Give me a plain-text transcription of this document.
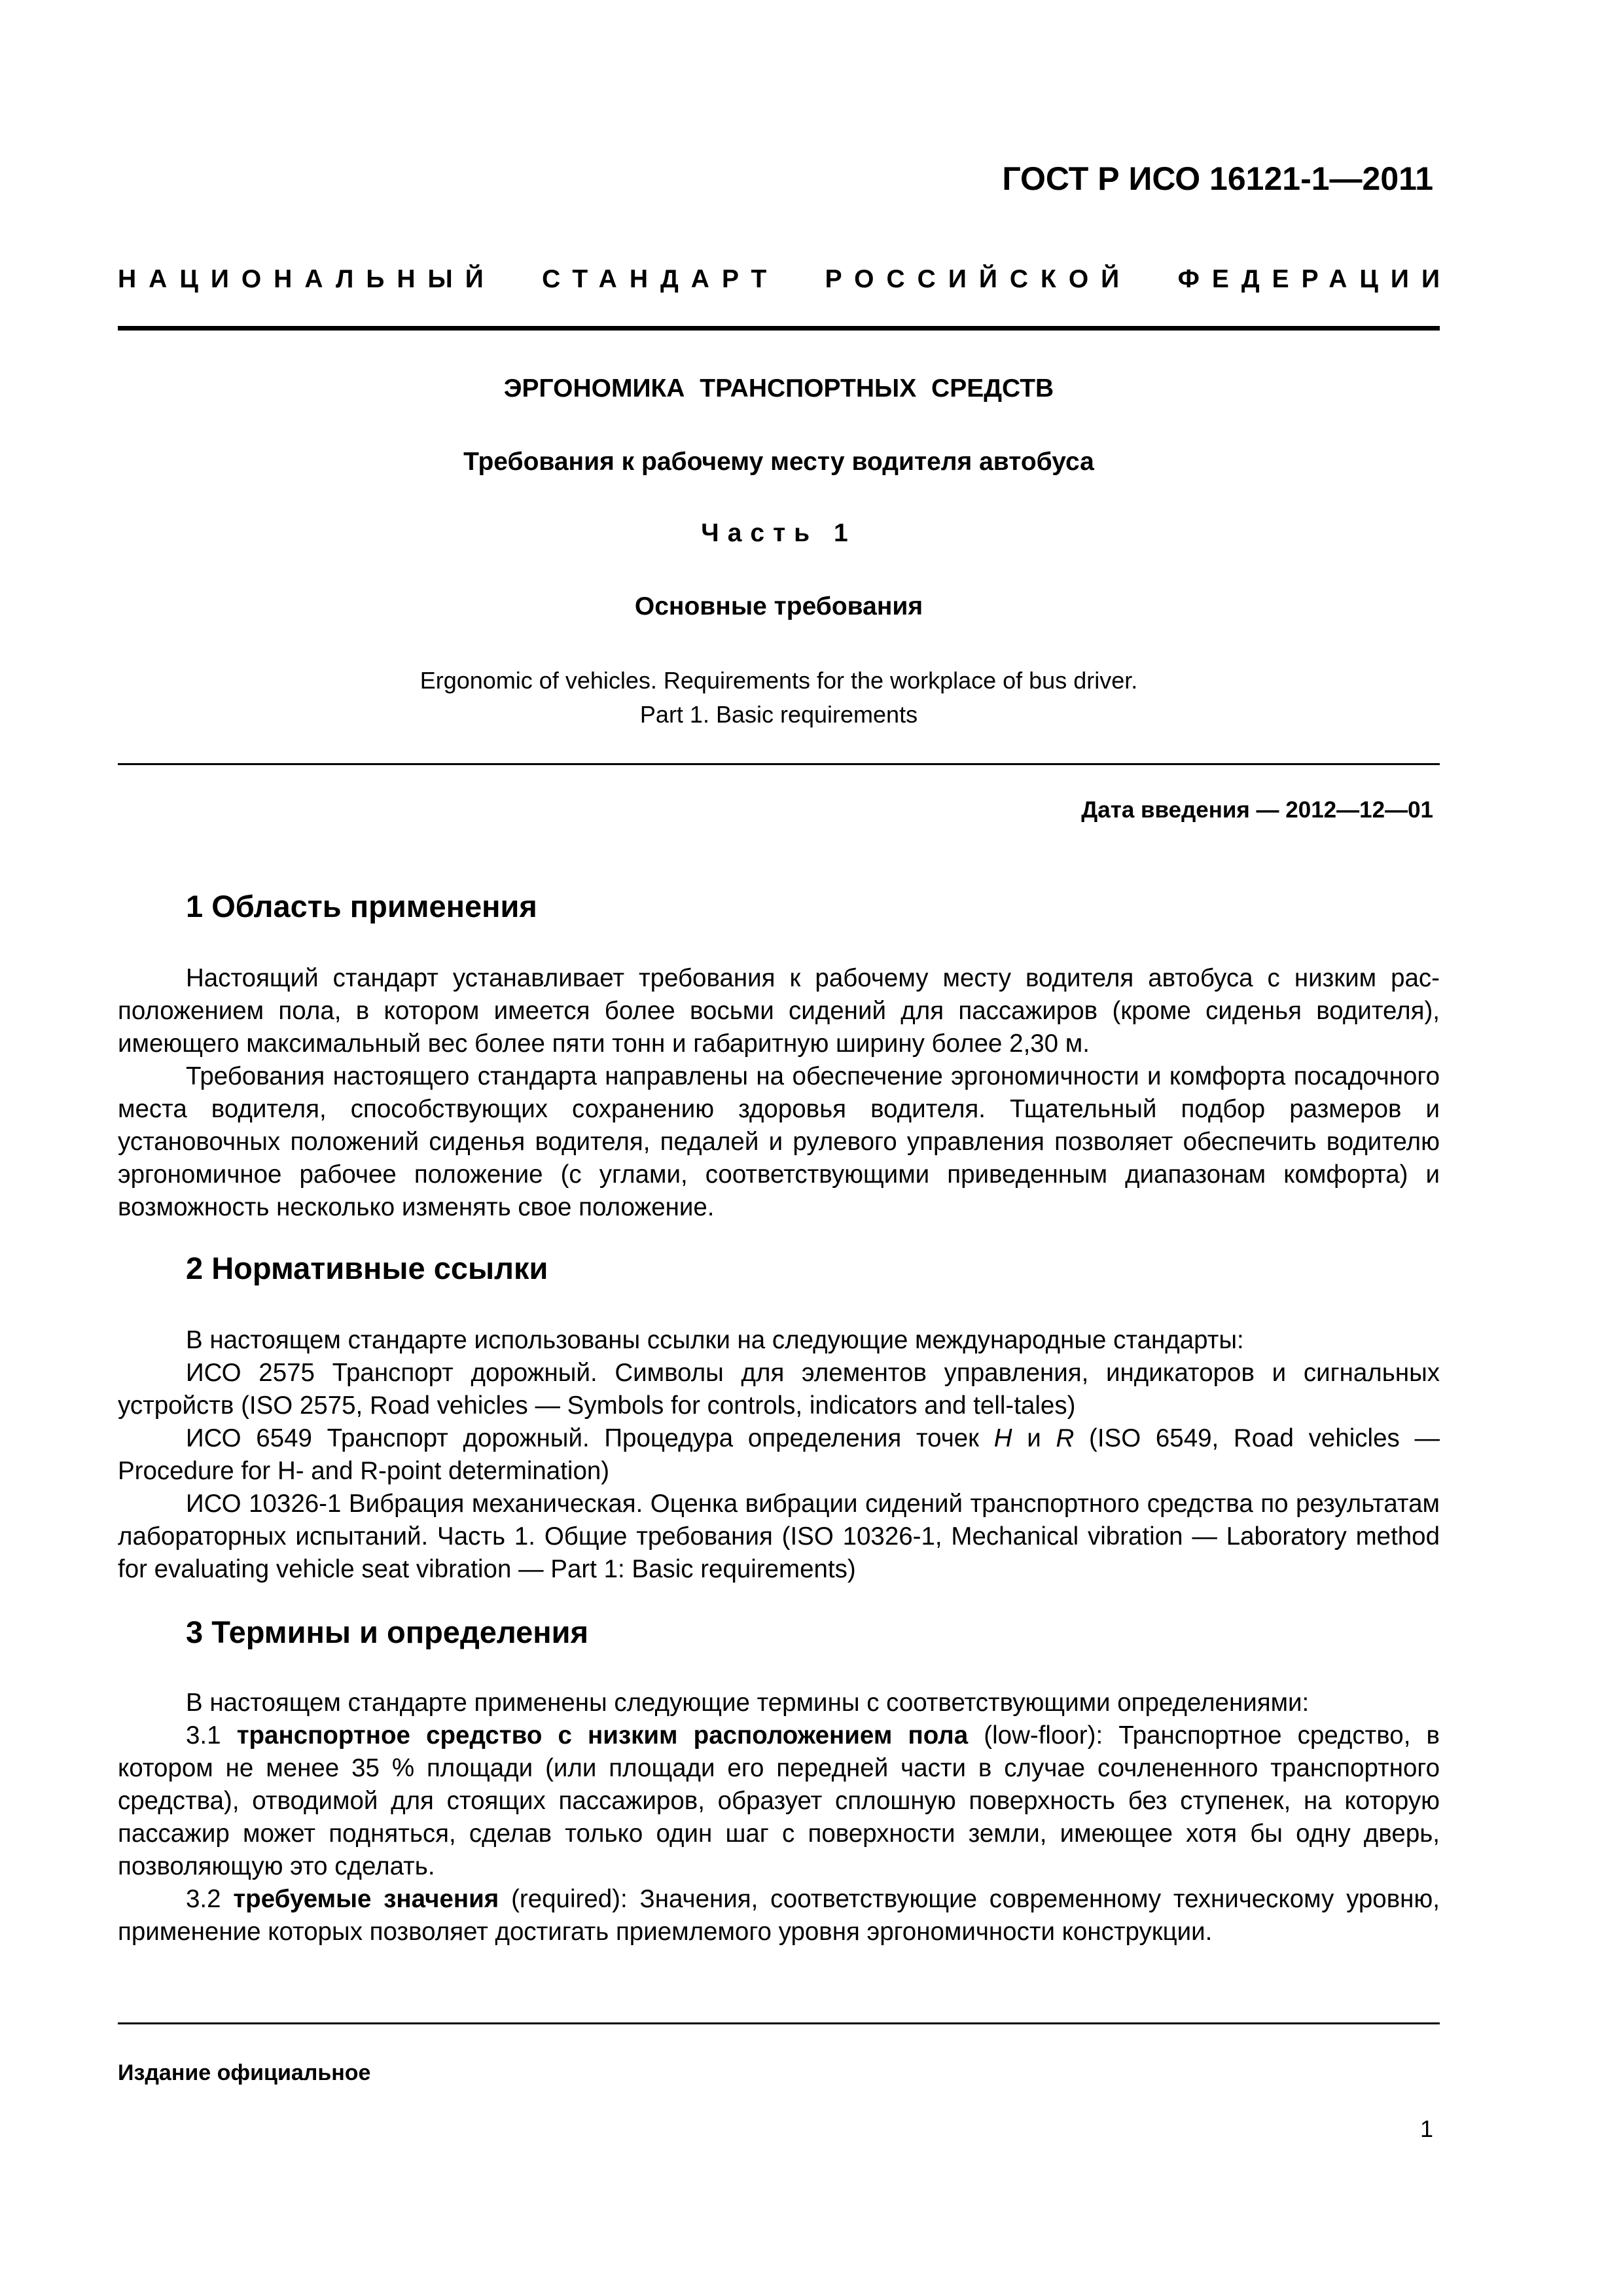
ГОСТ Р ИСО 16121-1—2011
НАЦИОНАЛЬНЫЙ СТАНДАРТ РОССИЙСКОЙ ФЕДЕРАЦИИ
ЭРГОНОМИКА ТРАНСПОРТНЫХ СРЕДСТВ
Требования к рабочему месту водителя автобуса
Часть 1
Основные требования
Ergonomic of vehicles. Requirements for the workplace of bus driver.
Part 1. Basic requirements
Дата введения — 2012—12—01
1 Область применения

Настоящий стандарт устанавливает требования к рабочему месту водителя автобуса с низким расположением пола, в котором имеется более восьми сидений для пассажиров (кроме сиденья водителя), имеющего максимальный вес более пяти тонн и габаритную ширину более 2,30 м.

Требования настоящего стандарта направлены на обеспечение эргономичности и комфорта посадочного места водителя, способствующих сохранению здоровья водителя. Тщательный подбор размеров и установочных положений сиденья водителя, педалей и рулевого управления позволяет обеспечить водителю эргономичное рабочее положение (с углами, соответствующими приведенным диапазонам комфорта) и возможность несколько изменять свое положение.

2 Нормативные ссылки

В настоящем стандарте использованы ссылки на следующие международные стандарты:

ИСО 2575 Транспорт дорожный. Символы для элементов управления, индикаторов и сигнальных устройств (ISO 2575, Road vehicles — Symbols for controls, indicators and tell-tales)

ИСО 6549 Транспорт дорожный. Процедура определения точек H и R (ISO 6549, Road vehicles — Procedure for H- and R-point determination)

ИСО 10326-1 Вибрация механическая. Оценка вибрации сидений транспортного средства по результатам лабораторных испытаний. Часть 1. Общие требования (ISO 10326-1, Mechanical vibration — Laboratory method for evaluating vehicle seat vibration — Part 1: Basic requirements)

3 Термины и определения

В настоящем стандарте применены следующие термины с соответствующими определениями:

3.1 транспортное средство с низким расположением пола (low-floor): Транспортное средство, в котором не менее 35 % площади (или площади его передней части в случае сочлененного транспортного средства), отводимой для стоящих пассажиров, образует сплошную поверхность без ступенек, на которую пассажир может подняться, сделав только один шаг с поверхности земли, имеющее хотя бы одну дверь, позволяющую это сделать.

3.2 требуемые значения (required): Значения, соответствующие современному техническому уровню, применение которых позволяет достигать приемлемого уровня эргономичности конструкции.

Издание официальное
1
